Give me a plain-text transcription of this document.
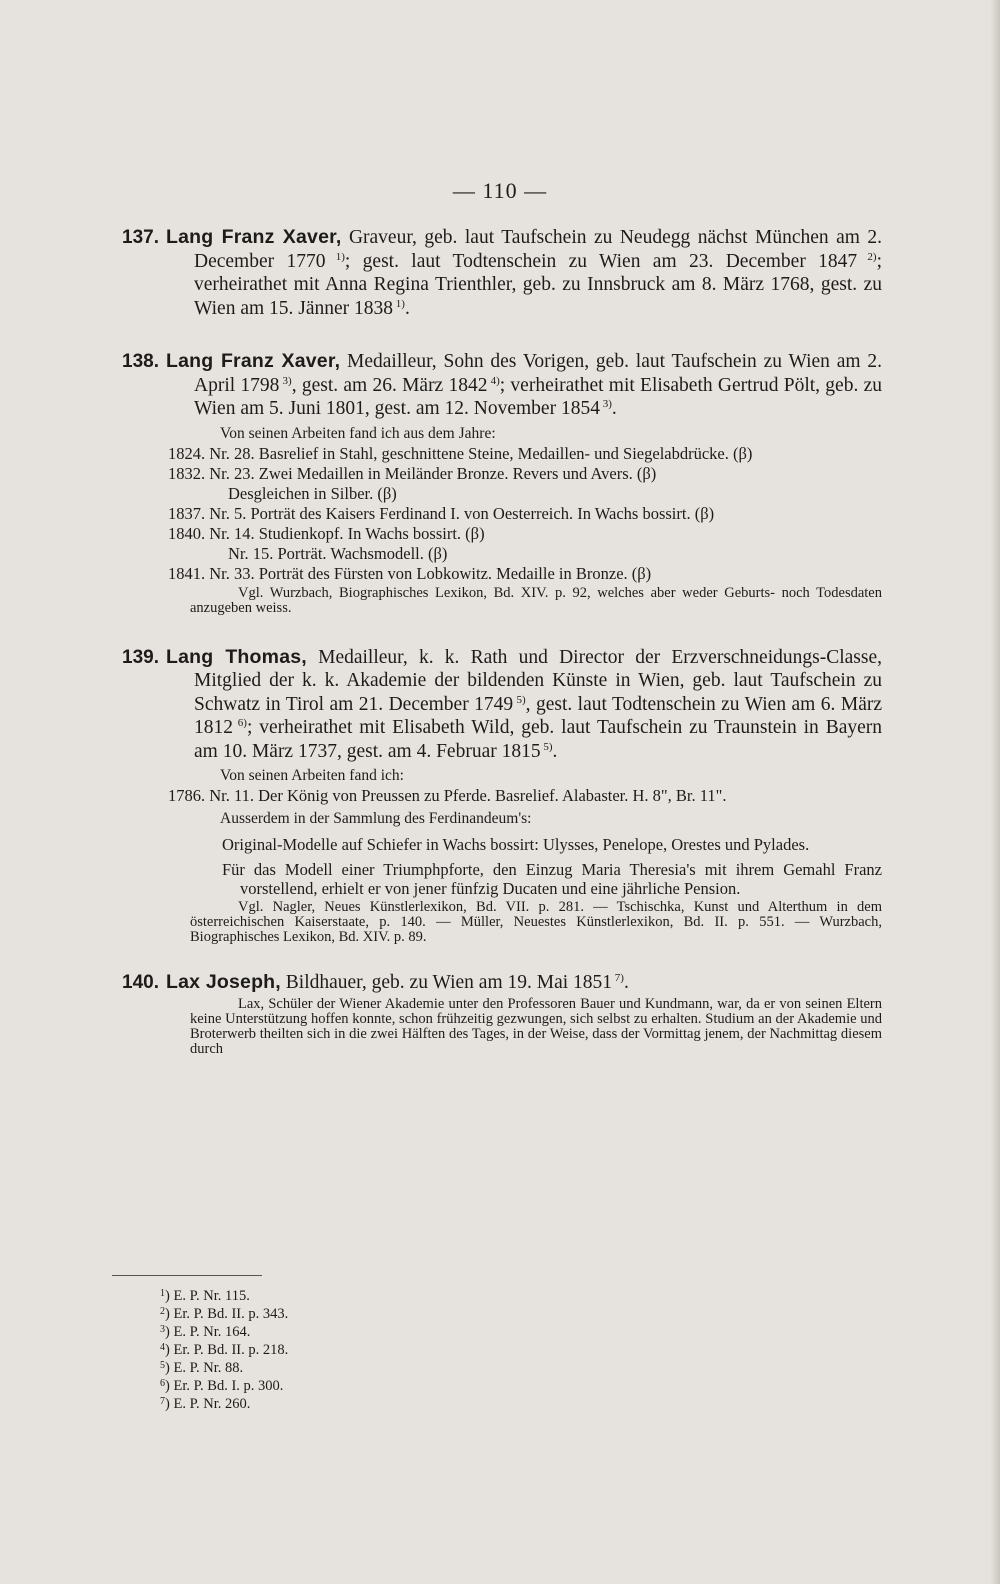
— 110 —

137. Lang Franz Xaver, Graveur, geb. laut Taufschein zu Neudegg nächst München am 2. December 1770 $^{1)}$; gest. laut Todtenschein zu Wien am 23. December 1847 $^{2)}$; verheirathet mit Anna Regina Trienthler, geb. zu Innsbruck am 8. März 1768, gest. zu Wien am 15. Jänner 1838 $^{1)}$.

138. Lang Franz Xaver, Medailleur, Sohn des Vorigen, geb. laut Taufschein zu Wien am 2. April 1798 $^{3)}$, gest. am 26. März 1842 $^{4)}$; verheirathet mit Elisabeth Gertrud Pölt, geb. zu Wien am 5. Juni 1801, gest. am 12. November 1854 $^{3)}$.

Von seinen Arbeiten fand ich aus dem Jahre:

1824. Nr. 28. Basrelief in Stahl, geschnittene Steine, Medaillen- und Siegelabdrücke. (β)

1832. Nr. 23. Zwei Medaillen in Meiländer Bronze. Revers und Avers. (β)

Desgleichen in Silber. (β)

1837. Nr. 5. Porträt des Kaisers Ferdinand I. von Oesterreich. In Wachs bossirt. (β)

1840. Nr. 14. Studienkopf. In Wachs bossirt. (β)

Nr. 15. Porträt. Wachsmodell. (β)

1841. Nr. 33. Porträt des Fürsten von Lobkowitz. Medaille in Bronze. (β)

Vgl. Wurzbach, Biographisches Lexikon, Bd. XIV. p. 92, welches aber weder Geburts- noch Todesdaten anzugeben weiss.

139. Lang Thomas, Medailleur, k. k. Rath und Director der Erzverschneidungs-Classe, Mitglied der k. k. Akademie der bildenden Künste in Wien, geb. laut Taufschein zu Schwatz in Tirol am 21. December 1749 $^{5)}$, gest. laut Todtenschein zu Wien am 6. März 1812 $^{6)}$; verheirathet mit Elisabeth Wild, geb. laut Taufschein zu Traunstein in Bayern am 10. März 1737, gest. am 4. Februar 1815 $^{5)}$.

Von seinen Arbeiten fand ich:

1786. Nr. 11. Der König von Preussen zu Pferde. Basrelief. Alabaster. H. 8", Br. 11".

Ausserdem in der Sammlung des Ferdinandeum's:

Original-Modelle auf Schiefer in Wachs bossirt: Ulysses, Penelope, Orestes und Pylades.

Für das Modell einer Triumphpforte, den Einzug Maria Theresia's mit ihrem Gemahl Franz vorstellend, erhielt er von jener fünfzig Ducaten und eine jährliche Pension.

Vgl. Nagler, Neues Künstlerlexikon, Bd. VII. p. 281. — Tschischka, Kunst und Alterthum in dem österreichischen Kaiserstaate, p. 140. — Müller, Neuestes Künstlerlexikon, Bd. II. p. 551. — Wurzbach, Biographisches Lexikon, Bd. XIV. p. 89.

140. Lax Joseph, Bildhauer, geb. zu Wien am 19. Mai 1851 $^{7)}$.

Lax, Schüler der Wiener Akademie unter den Professoren Bauer und Kundmann, war, da er von seinen Eltern keine Unterstützung hoffen konnte, schon frühzeitig gezwungen, sich selbst zu erhalten. Studium an der Akademie und Broterwerb theilten sich in die zwei Hälften des Tages, in der Weise, dass der Vormittag jenem, der Nachmittag diesem durch

$^1$) E. P. Nr. 115.
$^2$) Er. P. Bd. II. p. 343.
$^3$) E. P. Nr. 164.
$^4$) Er. P. Bd. II. p. 218.
$^5$) E. P. Nr. 88.
$^6$) Er. P. Bd. I. p. 300.
$^7$) E. P. Nr. 260.
